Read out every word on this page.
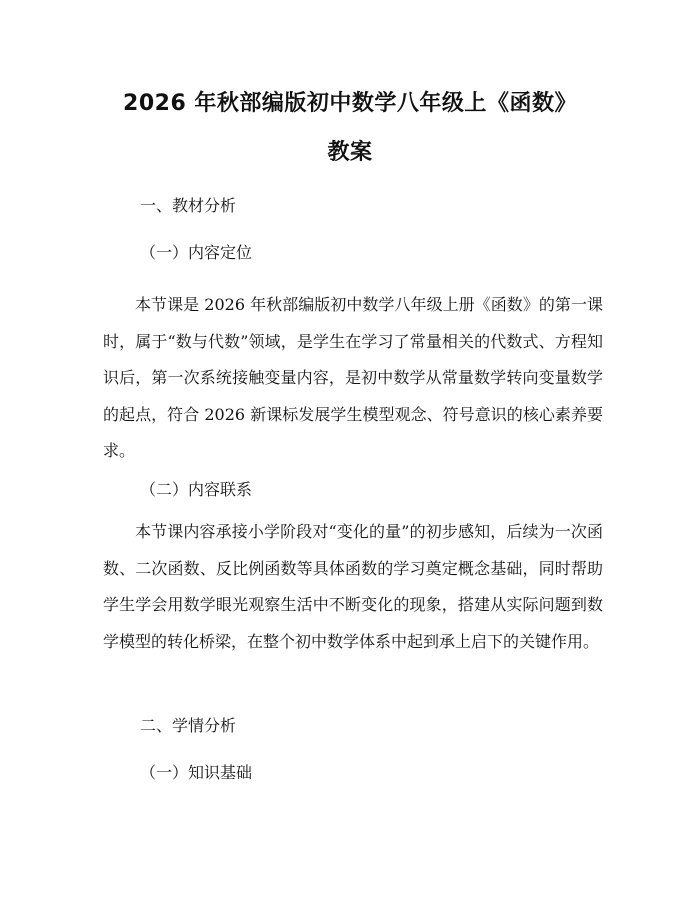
2026 年秋部编版初中数学八年级上《函数》
教案
一、教材分析
（一）内容定位
本节课是 2026 年秋部编版初中数学八年级上册《函数》的第一课时，属于“数与代数”领域，是学生在学习了常量相关的代数式、方程知识后，第一次系统接触变量内容，是初中数学从常量数学转向变量数学的起点，符合 2026 新课标发展学生模型观念、符号意识的核心素养要求。
（二）内容联系
本节课内容承接小学阶段对“变化的量”的初步感知，后续为一次函数、二次函数、反比例函数等具体函数的学习奠定概念基础，同时帮助学生学会用数学眼光观察生活中不断变化的现象，搭建从实际问题到数学模型的转化桥梁，在整个初中数学体系中起到承上启下的关键作用。
二、学情分析
（一）知识基础
